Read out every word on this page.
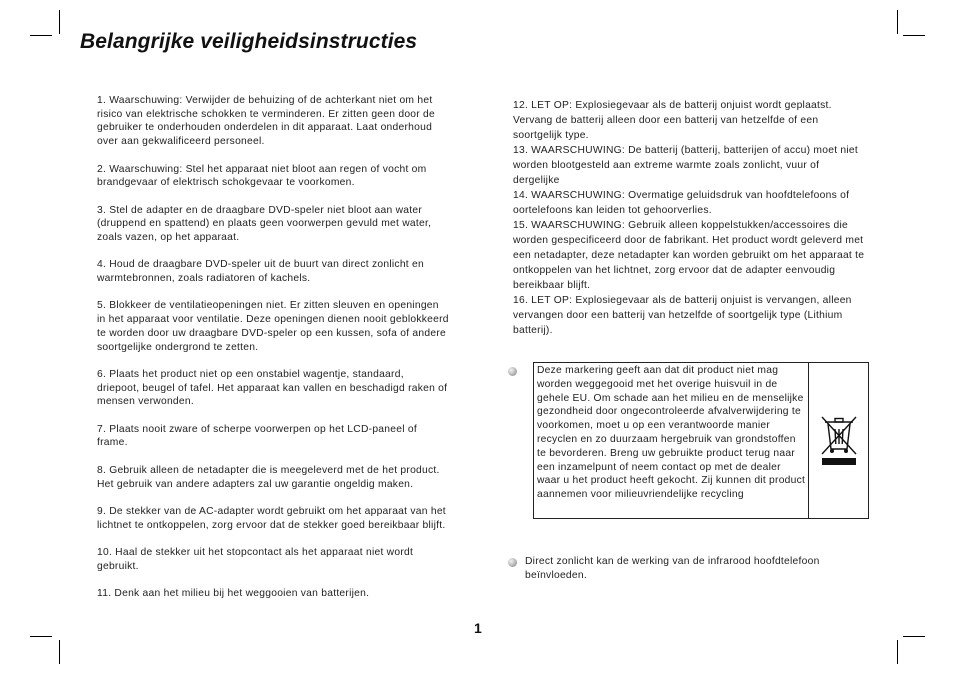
Belangrijke veiligheidsinstructies

1. Waarschuwing: Verwijder de behuizing of de achterkant niet om het risico van elektrische schokken te verminderen. Er zitten geen door de gebruiker te onderhouden onderdelen in dit apparaat. Laat onderhoud over aan gekwalificeerd personeel.

2. Waarschuwing: Stel het apparaat niet bloot aan regen of vocht om brandgevaar of elektrisch schokgevaar te voorkomen.

3. Stel de adapter en de draagbare DVD-speler niet bloot aan water (druppend en spattend) en plaats geen voorwerpen gevuld met water, zoals vazen, op het apparaat.

4. Houd de draagbare DVD-speler uit de buurt van direct zonlicht en warmtebronnen, zoals radiatoren of kachels.

5. Blokkeer de ventilatieopeningen niet. Er zitten sleuven en openingen in het apparaat voor ventilatie. Deze openingen dienen nooit geblokkeerd te worden door uw draagbare DVD-speler op een kussen, sofa of andere soortgelijke ondergrond te zetten.

6. Plaats het product niet op een onstabiel wagentje, standaard, driepoot, beugel of tafel. Het apparaat kan vallen en beschadigd raken of mensen verwonden.

7. Plaats nooit zware of scherpe voorwerpen op het LCD-paneel of frame.

8. Gebruik alleen de netadapter die is meegeleverd met de het product. Het gebruik van andere adapters zal uw garantie ongeldig maken.

9. De stekker van de AC-adapter wordt gebruikt om het apparaat van het lichtnet te ontkoppelen, zorg ervoor dat de stekker goed bereikbaar blijft.

10. Haal de stekker uit het stopcontact als het apparaat niet wordt gebruikt.

11. Denk aan het milieu bij het weggooien van batterijen.

12. LET OP: Explosiegevaar als de batterij onjuist wordt geplaatst. Vervang de batterij alleen door een batterij van hetzelfde of een soortgelijk type.

13. WAARSCHUWING: De batterij (batterij, batterijen of accu) moet niet worden blootgesteld aan extreme warmte zoals zonlicht, vuur of dergelijke

14. WAARSCHUWING: Overmatige geluidsdruk van hoofdtelefoons of oortelefoons kan leiden tot gehoorverlies.

15. WAARSCHUWING: Gebruik alleen koppelstukken/accessoires die worden gespecificeerd door de fabrikant. Het product wordt geleverd met een netadapter, deze netadapter kan worden gebruikt om het apparaat te ontkoppelen van het lichtnet, zorg ervoor dat de adapter eenvoudig bereikbaar blijft.

16. LET OP: Explosiegevaar als de batterij onjuist is vervangen, alleen vervangen door een batterij van hetzelfde of soortgelijk type (Lithium batterij).

Deze markering geeft aan dat dit product niet mag worden weggegooid met het overige huisvuil in de gehele EU. Om schade aan het milieu en de menselijke gezondheid door ongecontroleerde afvalverwijdering te voorkomen, moet u op een verantwoorde manier recyclen en zo duurzaam hergebruik van grondstoffen te bevorderen. Breng uw gebruikte product terug naar een inzamelpunt of neem contact op met de dealer waar u het product heeft gekocht. Zij kunnen dit product aannemen voor milieuvriendelijke recycling
Direct zonlicht kan de werking van de infrarood hoofdtelefoon beïnvloeden.
1
